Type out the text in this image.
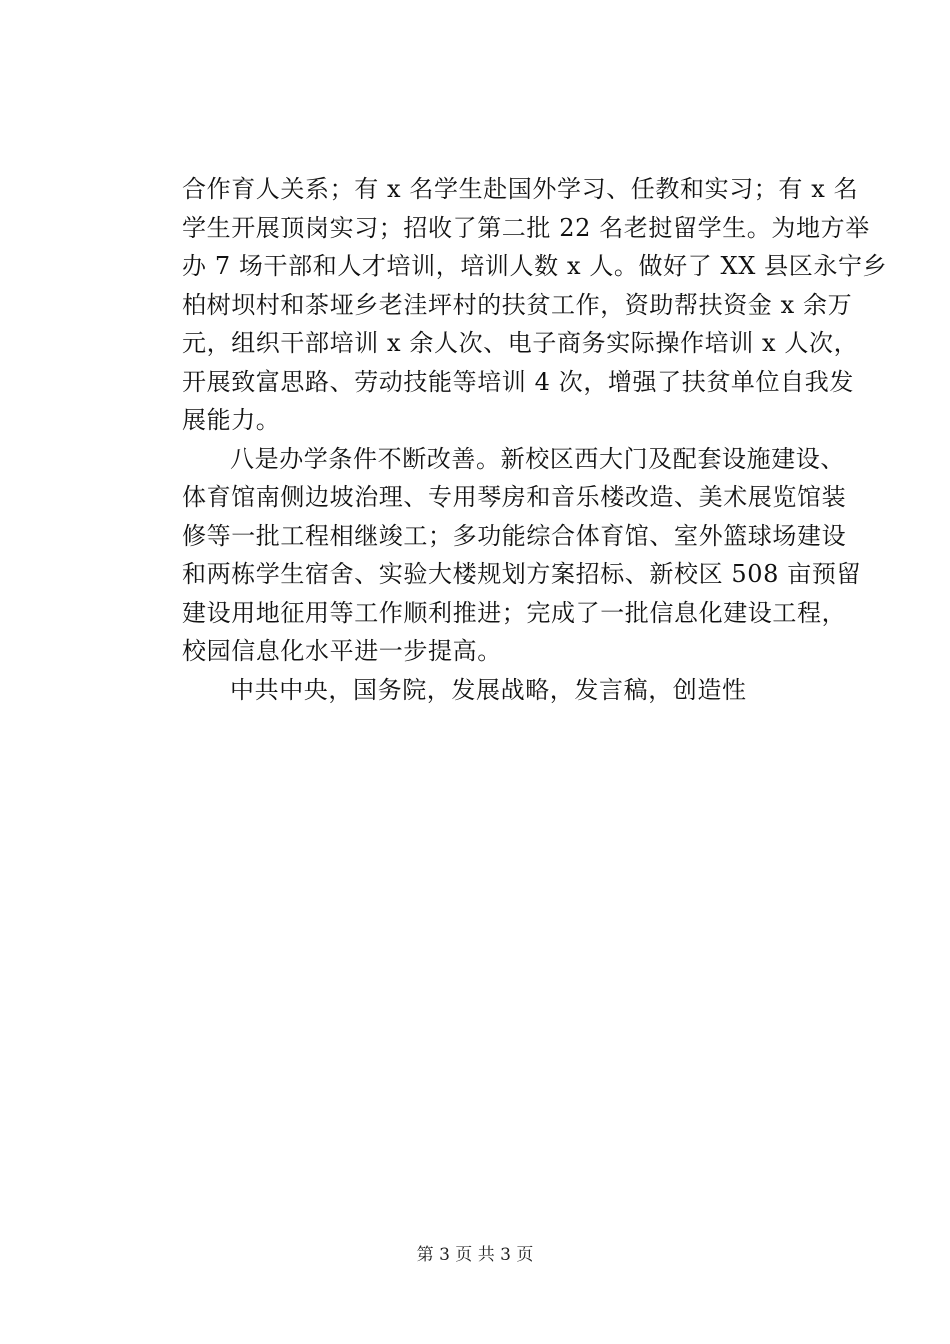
合作育人关系；有 x 名学生赴国外学习、任教和实习；有 x 名
学生开展顶岗实习；招收了第二批 22 名老挝留学生。为地方举
办 7 场干部和人才培训，培训人数 x 人。做好了 XX 县区永宁乡
柏树坝村和茶垭乡老洼坪村的扶贫工作，资助帮扶资金 x 余万
元，组织干部培训 x 余人次、电子商务实际操作培训 x 人次，
开展致富思路、劳动技能等培训 4 次，增强了扶贫单位自我发
展能力。
八是办学条件不断改善。新校区西大门及配套设施建设、
体育馆南侧边坡治理、专用琴房和音乐楼改造、美术展览馆装
修等一批工程相继竣工；多功能综合体育馆、室外篮球场建设
和两栋学生宿舍、实验大楼规划方案招标、新校区 508 亩预留
建设用地征用等工作顺利推进；完成了一批信息化建设工程，
校园信息化水平进一步提高。
中共中央，国务院，发展战略，发言稿，创造性
第 3 页 共 3 页
